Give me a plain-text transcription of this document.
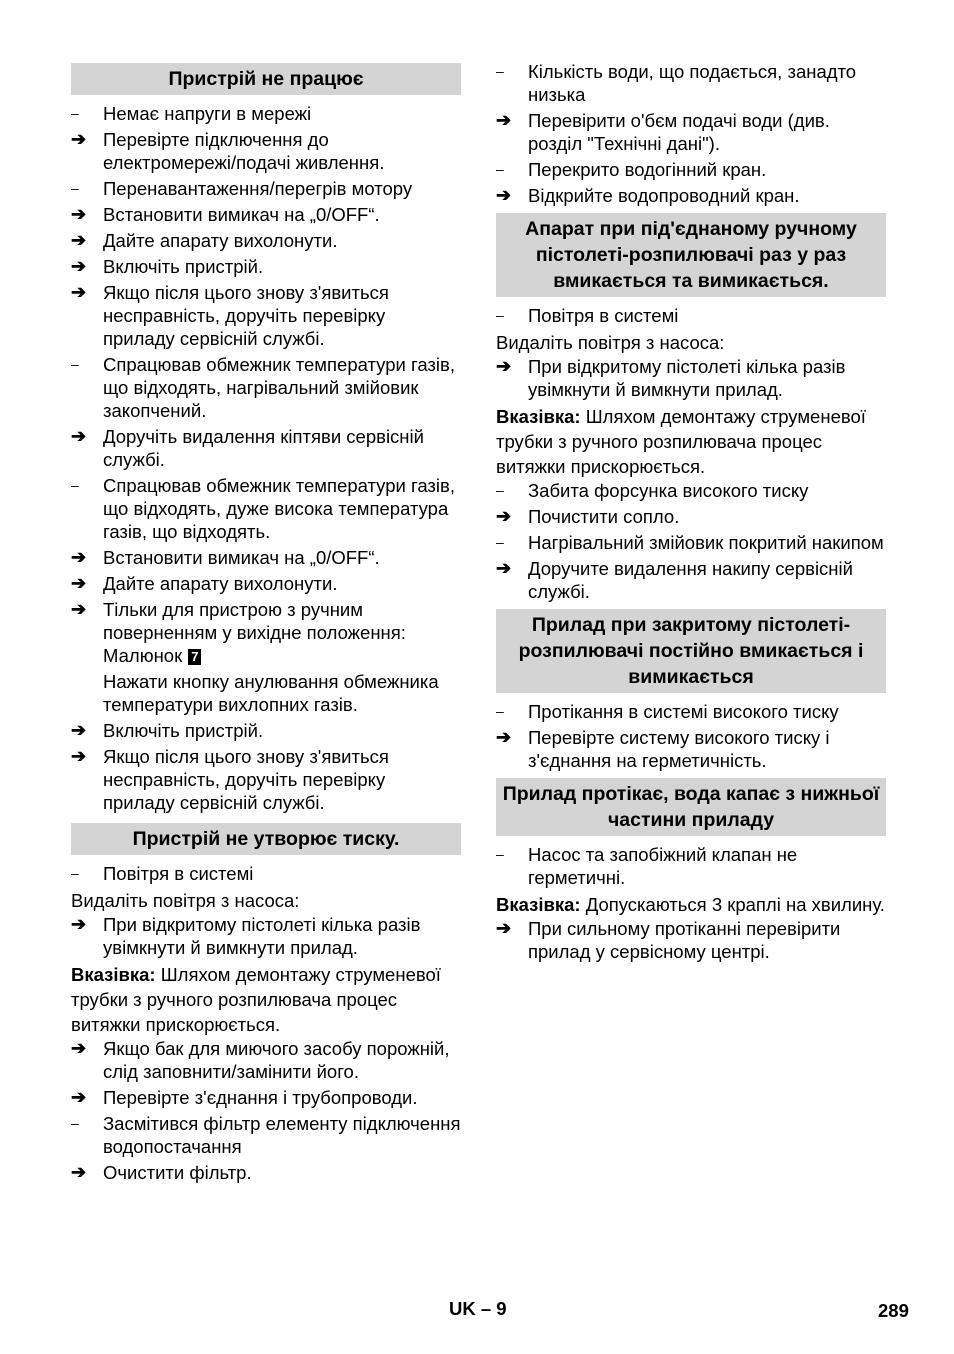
Пристрій не працює
–	Немає напруги в мережі
➔ Перевірте підключення до електромережі/подачі живлення.
–	Перенавантаження/перегрів мотору
➔ Встановити вимикач на „0/OFF“.
➔ Дайте апарату вихолонути.
➔ Включіть пристрій.
➔ Якщо після цього знову з'явиться несправність, доручіть перевірку приладу сервісній службі.
–	Спрацював обмежник температури газів, що відходять, нагрівальний змійовик закопчений.
➔ Доручіть видалення кіптяви сервісній службі.
–	Спрацював обмежник температури газів, що відходять, дуже висока температура газів, що відходять.
➔ Встановити вимикач на „0/OFF“.
➔ Дайте апарату вихолонути.
➔ Тільки для пристрою з ручним поверненням у вихідне положення:
Малюнок 7
Нажати кнопку анулювання обмежника температури вихлопних газів.
➔ Включіть пристрій.
➔ Якщо після цього знову з'явиться несправність, доручіть перевірку приладу сервісній службі.
Пристрій не утворює тиску.
–	Повітря в системі
Видаліть повітря з насоса:
➔ При відкритому пістолеті кілька разів увімкнути й вимкнути прилад.
Вказівка: Шляхом демонтажу струменевої трубки з ручного розпилювача процес витяжки прискорюється.
➔ Якщо бак для миючого засобу порожній, слід заповнити/замінити його.
➔ Перевірте з'єднання і трубопроводи.
–	Засмітився фільтр елементу підключення водопостачання
➔ Очистити фільтр.
–	Кількість води, що подається, занадто низька
➔ Перевірити о'бєм подачі води (див. розділ "Технічні дані").
–	Перекрито водогінний кран.
➔ Відкрийте водопроводний кран.
Апарат при під'єднаному ручному пістолеті-розпилювачі раз у раз вмикається та вимикається.
–	Повітря в системі
Видаліть повітря з насоса:
➔ При відкритому пістолеті кілька разів увімкнути й вимкнути прилад.
Вказівка: Шляхом демонтажу струменевої трубки з ручного розпилювача процес витяжки прискорюється.
–	Забита форсунка високого тиску
➔ Почистити сопло.
–	Нагрівальний змійовик покритий накипом
➔ Доручите видалення накипу сервісній службі.
Прилад при закритому пістолеті-розпилювачі постійно вмикається і вимикається
–	Протікання в системі високого тиску
➔ Перевірте систему високого тиску і з'єднання на герметичність.
Прилад протікає, вода капає з нижньої частини приладу
–	Насос та запобіжний клапан не герметичні.
Вказівка: Допускаються 3 краплі на хвилину.
➔ При сильному протіканні перевірити прилад у сервісному центрі.
UK – 9	289
